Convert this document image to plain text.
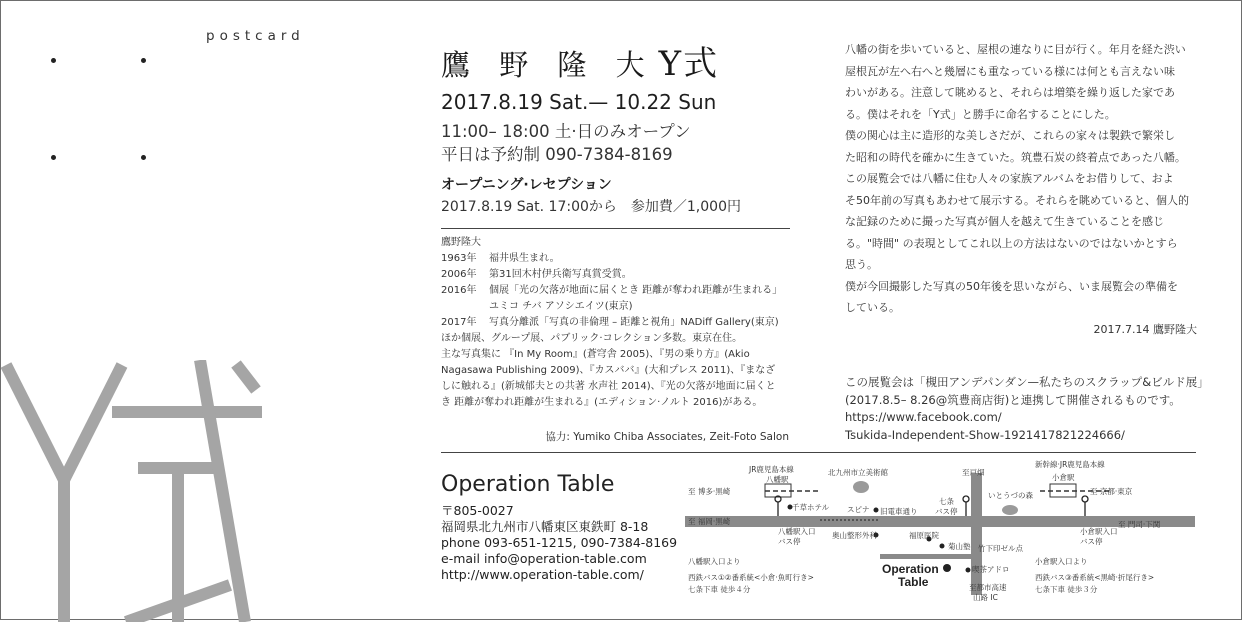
postcard
鷹 野 隆 大 Y式
2017.8.19 Sat.— 10.22 Sun
11:00– 18:00 土·日のみオープン
平日は予約制 090-7384-8169
オープニング·レセプション
2017.8.19 Sat. 17:00から　参加費／1,000円
鷹野隆大
1963年	福井県生まれ。
2006年	第31回木村伊兵衛写真賞受賞。
2016年	個展「光の欠落が地面に届くとき 距離が奪われ距離が生まれる」
ユミコ チバ アソシエイツ(東京)
2017年	写真分離派「写真の非倫理 – 距離と視角」NADiff Gallery(東京)
ほか個展、グループ展、パブリック·コレクション多数。東京在住。
主な写真集に 『In My Room』(蒼穹舎 2005)、『男の乗り方』(Akio
Nagasawa Publishing 2009)、『カスババ』(大和プレス 2011)、『まなざ
しに触れる』(新城郁夫との共著 水声社 2014)、『光の欠落が地面に届くと
き 距離が奪われ距離が生まれる』(エディション·ノルト 2016)がある。
協力: Yumiko Chiba Associates, Zeit-Foto Salon

八幡の街を歩いていると、屋根の連なりに目が行く。年月を経た渋い

屋根瓦が左へ右へと幾層にも重なっている様には何とも言えない味

わいがある。注意して眺めると、それらは増築を繰り返した家であ

る。僕はそれを「Y式」と勝手に命名することにした。

僕の関心は主に造形的な美しさだが、これらの家々は製鉄で繁栄し

た昭和の時代を確かに生きていた。筑豊石炭の終着点であった八幡。

この展覧会では八幡に住む人々の家族アルバムをお借りして、およ

そ50年前の写真もあわせて展示する。それらを眺めていると、個人的

な記録のために撮った写真が個人を越えて生きていることを感じ

る。"時間" の表現としてこれ以上の方法はないのではないかとすら

思う。

僕が今回撮影した写真の50年後を思いながら、いま展覧会の準備を

している。

2017.7.14 鷹野隆大

この展覧会は「槻田アンデパンダン—私たちのスクラップ&ビルド展」
(2017.8.5– 8.26@筑豊商店街)と連携して開催されるものです。
https://www.facebook.com/
Tsukida-Independent-Show-1921417821224666/
Operation Table
〒805-0027
福岡県北九州市八幡東区東鉄町 8-18
phone 093-651-1215, 090-7384-8169
e-mail info@operation-table.com
http://www.operation-table.com/
JR鹿児島本線
八幡駅
北九州市立美術館	至戸畑
新幹線·JR鹿児島本線
小倉駅
至 博多·黒崎
千草ホテル スピナ 旧電車通り
七条
バス停
いとうづの森	至 京都·東京
至 福岡·黒崎
八幡駅入口
バス停
奥山整形外科	福原医院
菊山塾 竹下印ゼル点
小倉駅入口
バス停
至 門司·下関
八幡駅入口より
西鉄バス①②番系統<小倉·魚町行き>
七条下車 徒歩４分
Operation
Table
喫茶アドロ
至都市高速
山路 IC
小倉駅入口より
西鉄バス③番系統<黒崎·折尾行き>
七条下車 徒歩３分
